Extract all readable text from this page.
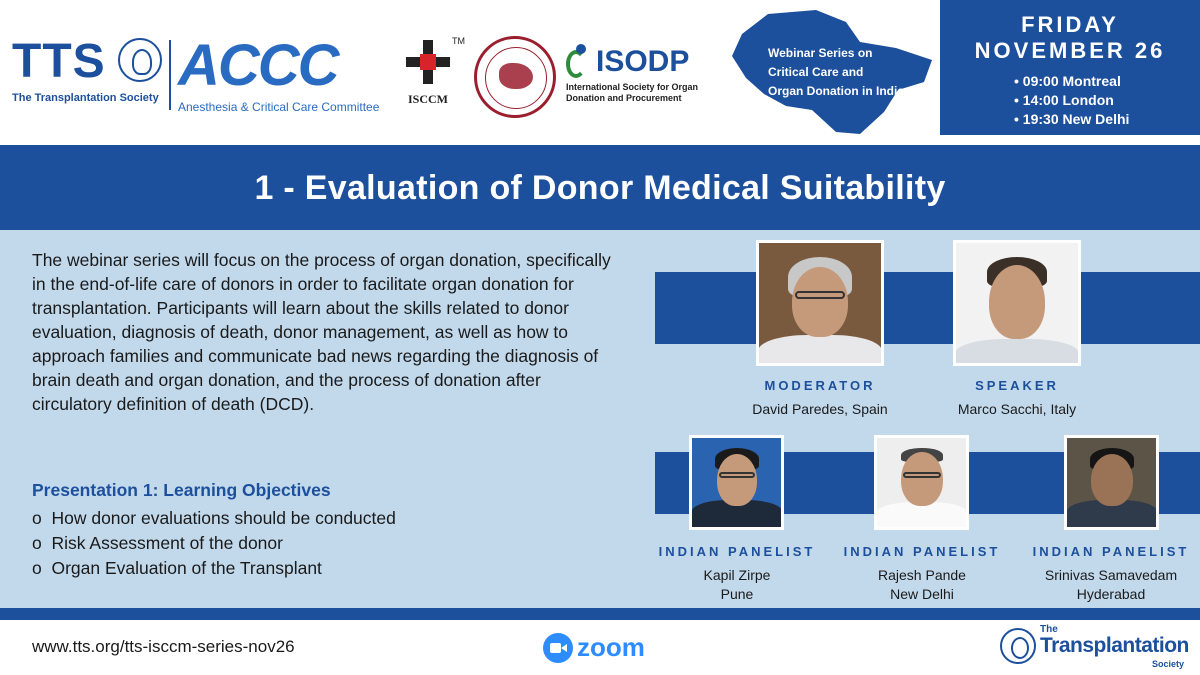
TTS
The Transplantation Society ACCC
Anesthesia & Critical Care Committee
ISCCM
TM
ISODP
International Society for Organ Donation and Procurement
Webinar Series on
Critical Care and
Organ Donation in India
FRIDAY
NOVEMBER 26
• 09:00 Montreal
• 14:00 London
• 19:30 New Delhi
1 - Evaluation of Donor Medical Suitability

The webinar series will focus on the process of organ donation, specifically in the end-of-life care of donors in order to facilitate organ donation for transplantation. Participants will learn about the skills related to donor evaluation, diagnosis of death, donor management, as well as how to approach families and communicate bad news regarding the diagnosis of brain death and organ donation, and the process of donation after circulatory definition of death (DCD).

Presentation 1: Learning Objectives
o How donor evaluations should be conducted
o Risk Assessment of the donor
o Organ Evaluation of the Transplant
MODERATOR
David Paredes, Spain
SPEAKER
Marco Sacchi, Italy
INDIAN PANELIST
Kapil Zirpe
Pune
INDIAN PANELIST
Rajesh Pande
New Delhi
INDIAN PANELIST
Srinivas Samavedam
Hyderabad
www.tts.org/tts-isccm-series-nov26	zoom
The
Transplantation
Society
